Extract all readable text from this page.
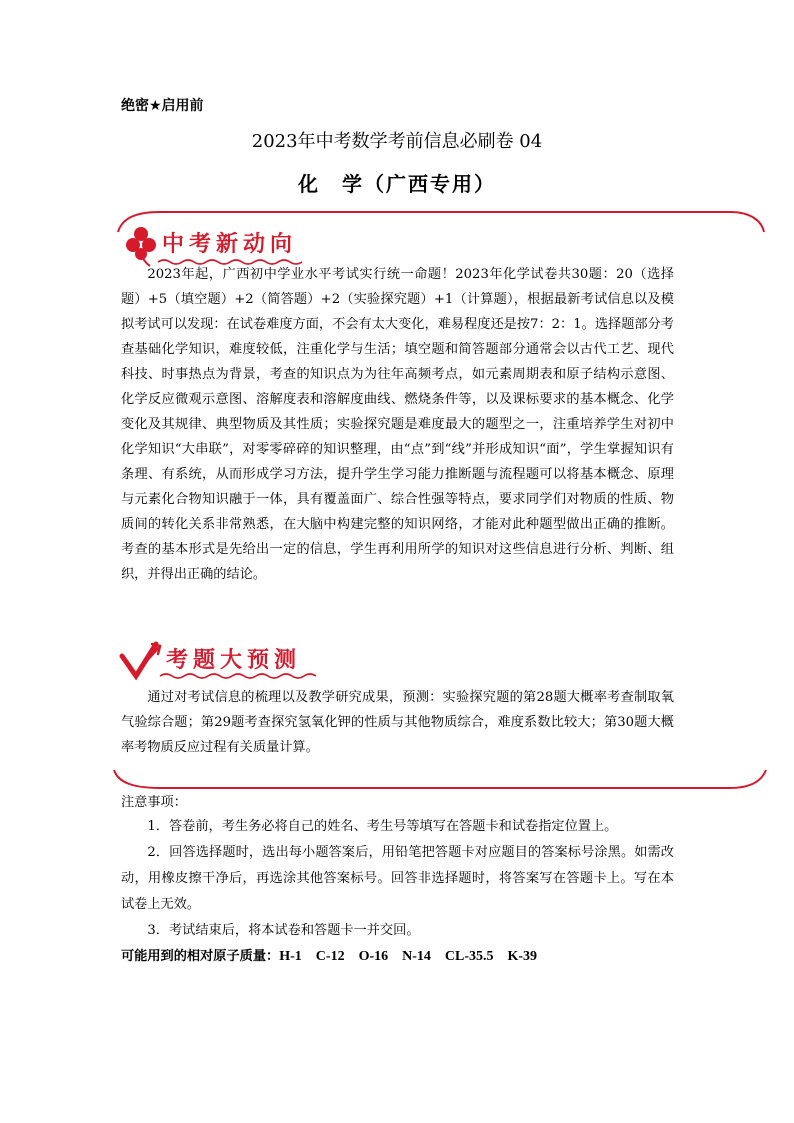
绝密★启用前
2023年中考数学考前信息必刷卷 04
化　学（广西专用）
中考新动向

2023年起，广西初中学业水平考试实行统一命题！2023年化学试卷共30题：20（选择题）+5（填空题）+2（简答题）+2（实验探究题）+1（计算题），根据最新考试信息以及模拟考试可以发现：在试卷难度方面，不会有太大变化，难易程度还是按7：2：1。选择题部分考查基础化学知识，难度较低，注重化学与生活；填空题和简答题部分通常会以古代工艺、现代科技、时事热点为背景，考查的知识点为为往年高频考点，如元素周期表和原子结构示意图、化学反应微观示意图、溶解度表和溶解度曲线、燃烧条件等，以及课标要求的基本概念、化学变化及其规律、典型物质及其性质；实验探究题是难度最大的题型之一，注重培养学生对初中化学知识“大串联”，对零零碎碎的知识整理，由“点”到“线”并形成知识“面”，学生掌握知识有条理、有系统，从而形成学习方法，提升学生学习能力推断题与流程题可以将基本概念、原理与元素化合物知识融于一体，具有覆盖面广、综合性强等特点，要求同学们对物质的性质、物质间的转化关系非常熟悉，在大脑中构建完整的知识网络，才能对此种题型做出正确的推断。考查的基本形式是先给出一定的信息，学生再利用所学的知识对这些信息进行分析、判断、组织，并得出正确的结论。

考题大预测

通过对考试信息的梳理以及教学研究成果，预测：实验探究题的第28题大概率考查制取氧气验综合题；第29题考查探究氢氧化钾的性质与其他物质综合，难度系数比较大；第30题大概率考物质反应过程有关质量计算。

注意事项：

1．答卷前，考生务必将自己的姓名、考生号等填写在答题卡和试卷指定位置上。

2．回答选择题时，选出每小题答案后，用铅笔把答题卡对应题目的答案标号涂黑。如需改动，用橡皮擦干净后，再选涂其他答案标号。回答非选择题时，将答案写在答题卡上。写在本试卷上无效。

3．考试结束后，将本试卷和答题卡一并交回。

可能用到的相对原子质量：H-1　C-12　O-16　N-14　CL-35.5　K-39
